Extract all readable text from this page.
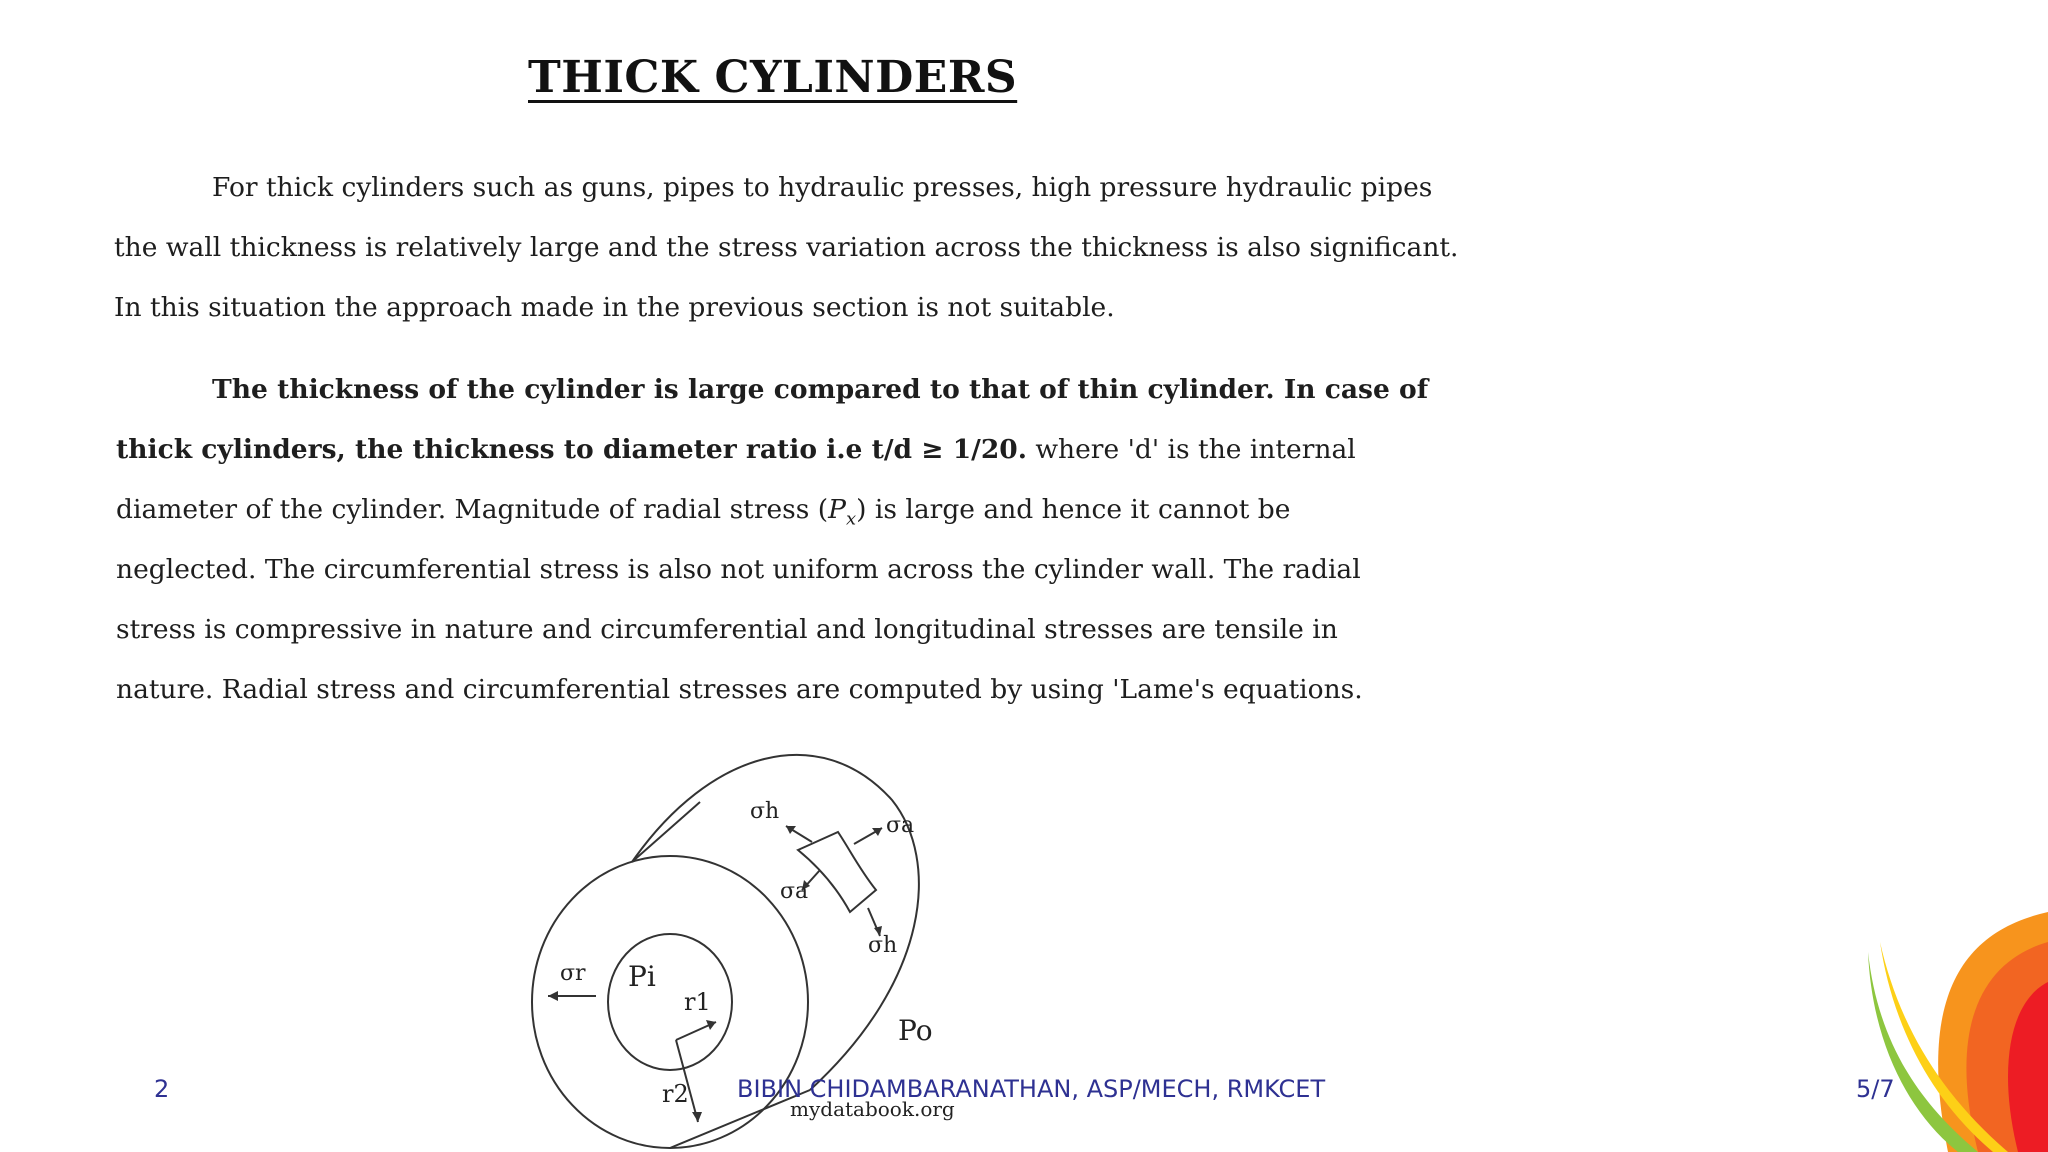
THICK CYLINDERS
For thick cylinders such as guns, pipes to hydraulic presses, high pressure hydraulic pipes
the wall thickness is relatively large and the stress variation across the thickness is also significant.
In this situation the approach made in the previous section is not suitable.
The thickness of the cylinder is large compared to that of thin cylinder. In case of
thick cylinders, the thickness to diameter ratio i.e t/d ≥ 1/20. where 'd' is the internal
diameter of the cylinder. Magnitude of radial stress $(P_x)$ is large and hence it cannot be
neglected. The circumferential stress is also not uniform across the cylinder wall. The radial
stress is compressive in nature and circumferential and longitudinal stresses are tensile in
nature. Radial stress and circumferential stresses are computed by using 'Lame's equations.
σh
σa
σa
σh
σr Pi
r1
r2
Po
mydatabook.org
2	BIBIN CHIDAMBARANATHAN, ASP/MECH, RMKCET	5/7
